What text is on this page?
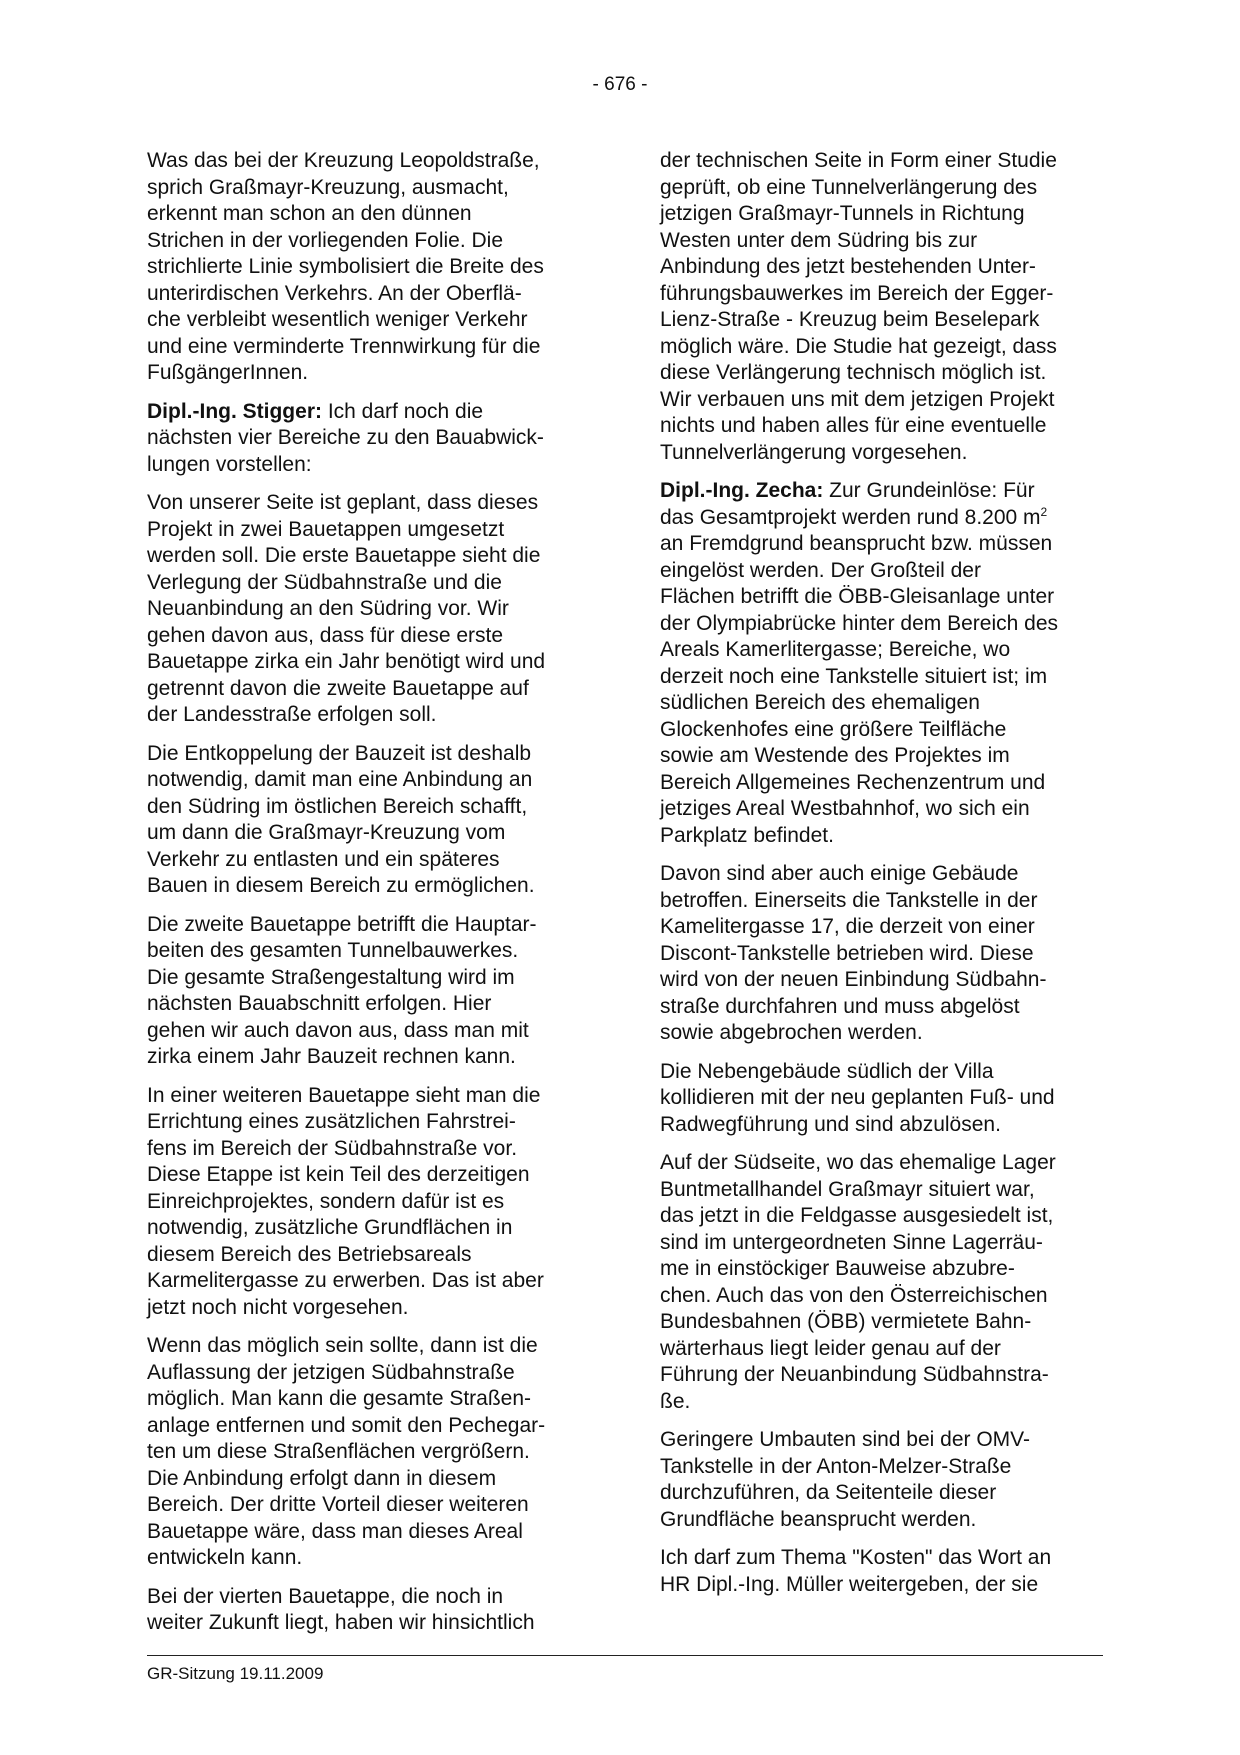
- 676 -

Was das bei der Kreuzung Leopoldstraße,
sprich Graßmayr-Kreuzung, ausmacht,
erkennt man schon an den dünnen
Strichen in der vorliegenden Folie. Die
strichlierte Linie symbolisiert die Breite des
unterirdischen Verkehrs. An der Oberflä-
che verbleibt wesentlich weniger Verkehr
und eine verminderte Trennwirkung für die
FußgängerInnen.

Dipl.-Ing. Stigger: Ich darf noch die
nächsten vier Bereiche zu den Bauabwick-
lungen vorstellen:

Von unserer Seite ist geplant, dass dieses
Projekt in zwei Bauetappen umgesetzt
werden soll. Die erste Bauetappe sieht die
Verlegung der Südbahnstraße und die
Neuanbindung an den Südring vor. Wir
gehen davon aus, dass für diese erste
Bauetappe zirka ein Jahr benötigt wird und
getrennt davon die zweite Bauetappe auf
der Landesstraße erfolgen soll.

Die Entkoppelung der Bauzeit ist deshalb
notwendig, damit man eine Anbindung an
den Südring im östlichen Bereich schafft,
um dann die Graßmayr-Kreuzung vom
Verkehr zu entlasten und ein späteres
Bauen in diesem Bereich zu ermöglichen.

Die zweite Bauetappe betrifft die Hauptar-
beiten des gesamten Tunnelbauwerkes.
Die gesamte Straßengestaltung wird im
nächsten Bauabschnitt erfolgen. Hier
gehen wir auch davon aus, dass man mit
zirka einem Jahr Bauzeit rechnen kann.

In einer weiteren Bauetappe sieht man die
Errichtung eines zusätzlichen Fahrstrei-
fens im Bereich der Südbahnstraße vor.
Diese Etappe ist kein Teil des derzeitigen
Einreichprojektes, sondern dafür ist es
notwendig, zusätzliche Grundflächen in
diesem Bereich des Betriebsareals
Karmelitergasse zu erwerben. Das ist aber
jetzt noch nicht vorgesehen.

Wenn das möglich sein sollte, dann ist die
Auflassung der jetzigen Südbahnstraße
möglich. Man kann die gesamte Straßen-
anlage entfernen und somit den Pechegar-
ten um diese Straßenflächen vergrößern.
Die Anbindung erfolgt dann in diesem
Bereich. Der dritte Vorteil dieser weiteren
Bauetappe wäre, dass man dieses Areal
entwickeln kann.

Bei der vierten Bauetappe, die noch in
weiter Zukunft liegt, haben wir hinsichtlich

der technischen Seite in Form einer Studie
geprüft, ob eine Tunnelverlängerung des
jetzigen Graßmayr-Tunnels in Richtung
Westen unter dem Südring bis zur
Anbindung des jetzt bestehenden Unter-
führungsbauwerkes im Bereich der Egger-
Lienz-Straße - Kreuzug beim Beselepark
möglich wäre. Die Studie hat gezeigt, dass
diese Verlängerung technisch möglich ist.
Wir verbauen uns mit dem jetzigen Projekt
nichts und haben alles für eine eventuelle
Tunnelverlängerung vorgesehen.

Dipl.-Ing. Zecha: Zur Grundeinlöse: Für
das Gesamtprojekt werden rund 8.200 $m^2$
an Fremdgrund beansprucht bzw. müssen
eingelöst werden. Der Großteil der
Flächen betrifft die ÖBB-Gleisanlage unter
der Olympiabrücke hinter dem Bereich des
Areals Kamerlitergasse; Bereiche, wo
derzeit noch eine Tankstelle situiert ist; im
südlichen Bereich des ehemaligen
Glockenhofes eine größere Teilfläche
sowie am Westende des Projektes im
Bereich Allgemeines Rechenzentrum und
jetziges Areal Westbahnhof, wo sich ein
Parkplatz befindet.

Davon sind aber auch einige Gebäude
betroffen. Einerseits die Tankstelle in der
Kamelitergasse 17, die derzeit von einer
Discont-Tankstelle betrieben wird. Diese
wird von der neuen Einbindung Südbahn-
straße durchfahren und muss abgelöst
sowie abgebrochen werden.

Die Nebengebäude südlich der Villa
kollidieren mit der neu geplanten Fuß- und
Radwegführung und sind abzulösen.

Auf der Südseite, wo das ehemalige Lager
Buntmetallhandel Graßmayr situiert war,
das jetzt in die Feldgasse ausgesiedelt ist,
sind im untergeordneten Sinne Lagerräu-
me in einstöckiger Bauweise abzubre-
chen. Auch das von den Österreichischen
Bundesbahnen (ÖBB) vermietete Bahn-
wärterhaus liegt leider genau auf der
Führung der Neuanbindung Südbahnstra-
ße.

Geringere Umbauten sind bei der OMV-
Tankstelle in der Anton-Melzer-Straße
durchzuführen, da Seitenteile dieser
Grundfläche beansprucht werden.

Ich darf zum Thema "Kosten" das Wort an
HR Dipl.-Ing. Müller weitergeben, der sie

GR-Sitzung 19.11.2009
